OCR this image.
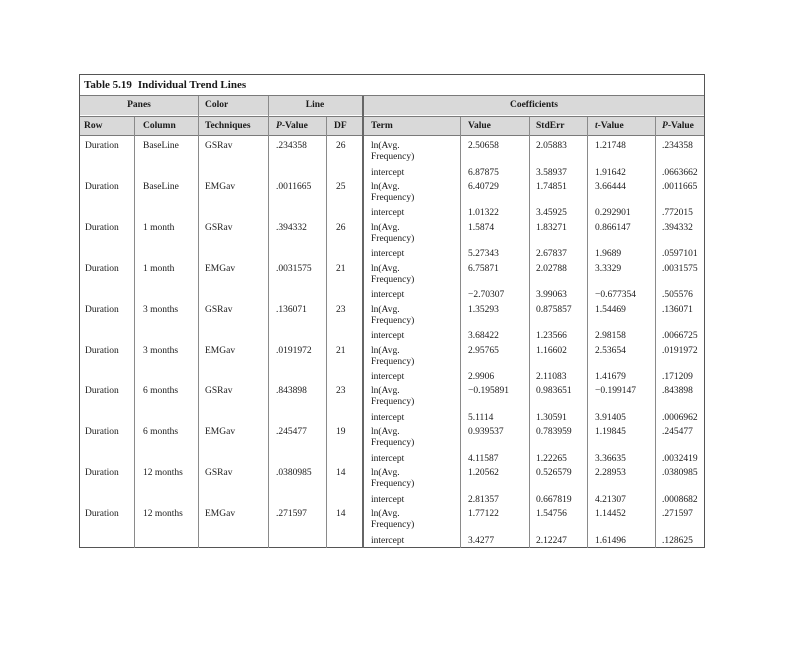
Table 5.19 Individual Trend Lines
Panes	Color	Line	Coefficients
Row	Column	Techniques	P-Value	DF	Term	Value	StdErr	t-Value	P-Value
Duration	BaseLine	GSRav	.234358	26	ln(Avg.	2.50658	2.05883	1.21748	.234358
Frequency)
intercept	6.87875	3.58937	1.91642	.0663662
Duration	BaseLine	EMGav	.0011665	25	ln(Avg.	6.40729	1.74851	3.66444	.0011665
Frequency)
intercept	1.01322	3.45925	0.292901	.772015
Duration	1 month	GSRav	.394332	26	ln(Avg.	1.5874	1.83271	0.866147	.394332
Frequency)
intercept	5.27343	2.67837	1.9689	.0597101
Duration	1 month	EMGav	.0031575	21	ln(Avg.	6.75871	2.02788	3.3329	.0031575
Frequency)
intercept	−2.70307	3.99063	−0.677354	.505576
Duration	3 months	GSRav	.136071	23	ln(Avg.	1.35293	0.875857 1.54469	.136071
Frequency)
intercept	3.68422	1.23566	2.98158	.0066725
Duration	3 months	EMGav	.0191972	21	ln(Avg.	2.95765	1.16602	2.53654	.0191972
Frequency)
intercept	2.9906	2.11083	1.41679	.171209
Duration	6 months	GSRav	.843898	23	ln(Avg.	−0.195891	0.983651 −0.199147	.843898
Frequency)
intercept	5.1114	1.30591	3.91405	.0006962
Duration	6 months	EMGav	.245477	19	ln(Avg.	0.939537	0.783959 1.19845	.245477
Frequency)
intercept	4.11587	1.22265	3.36635	.0032419
Duration	12 months GSRav	.0380985	14	ln(Avg.	1.20562	0.526579 2.28953	.0380985
Frequency)
intercept	2.81357	0.667819 4.21307	.0008682
Duration	12 months EMGav	.271597	14	ln(Avg.	1.77122	1.54756	1.14452	.271597
Frequency)
intercept	3.4277	2.12247	1.61496	.128625
